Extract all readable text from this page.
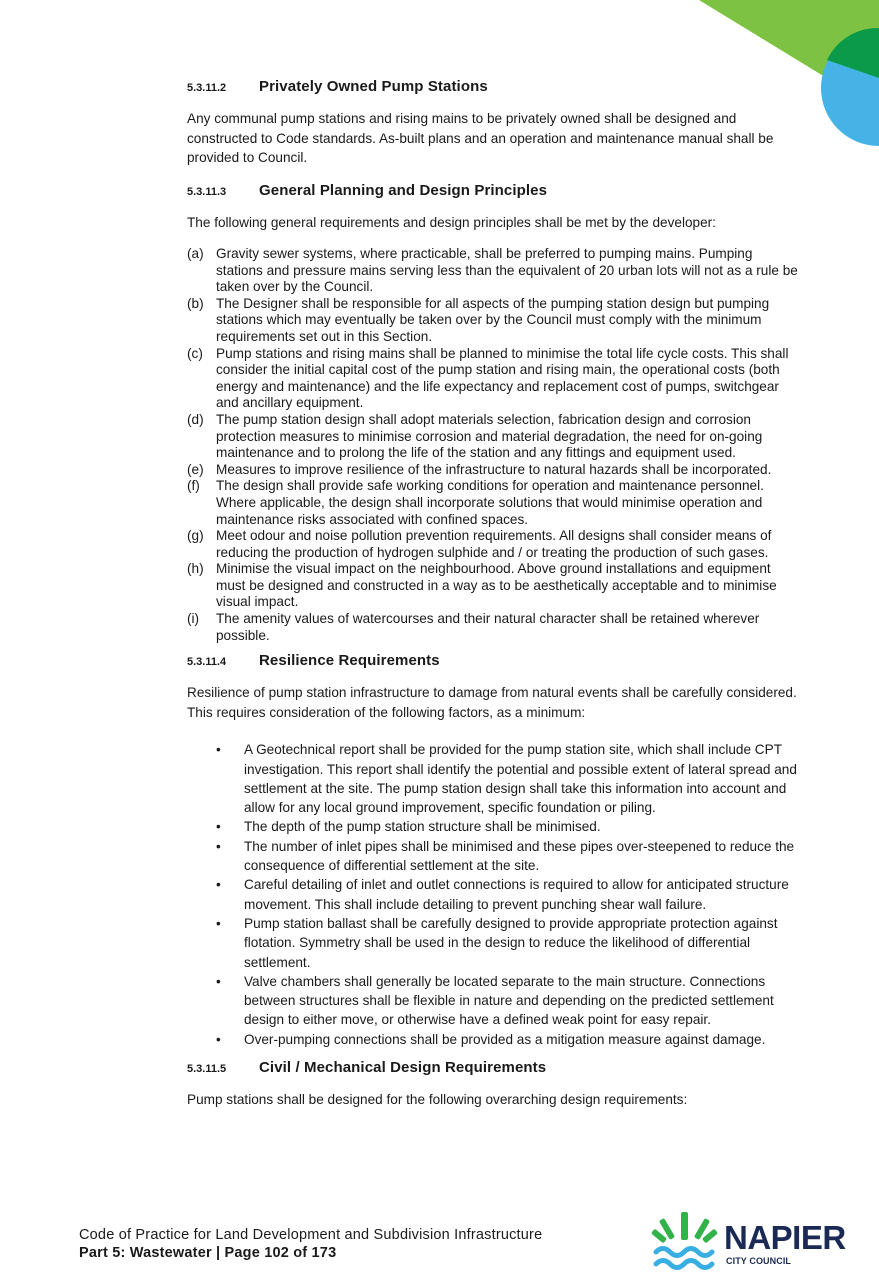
5.3.11.2	Privately Owned Pump Stations

Any communal pump stations and rising mains to be privately owned shall be designed and constructed to Code standards. As-built plans and an operation and maintenance manual shall be provided to Council.

5.3.11.3	General Planning and Design Principles

The following general requirements and design principles shall be met by the developer:

(a) Gravity sewer systems, where practicable, shall be preferred to pumping mains. Pumping stations and pressure mains serving less than the equivalent of 20 urban lots will not as a rule be taken over by the Council.
(b) The Designer shall be responsible for all aspects of the pumping station design but pumping stations which may eventually be taken over by the Council must comply with the minimum requirements set out in this Section.
(c) Pump stations and rising mains shall be planned to minimise the total life cycle costs. This shall consider the initial capital cost of the pump station and rising main, the operational costs (both energy and maintenance) and the life expectancy and replacement cost of pumps, switchgear and ancillary equipment.
(d) The pump station design shall adopt materials selection, fabrication design and corrosion protection measures to minimise corrosion and material degradation, the need for on-going maintenance and to prolong the life of the station and any fittings and equipment used.
(e) Measures to improve resilience of the infrastructure to natural hazards shall be incorporated.
(f)	The design shall provide safe working conditions for operation and maintenance personnel. Where applicable, the design shall incorporate solutions that would minimise operation and maintenance risks associated with confined spaces.
(g) Meet odour and noise pollution prevention requirements. All designs shall consider means of reducing the production of hydrogen sulphide and / or treating the production of such gases.
(h) Minimise the visual impact on the neighbourhood. Above ground installations and equipment must be designed and constructed in a way as to be aesthetically acceptable and to minimise visual impact.
(i)	The amenity values of watercourses and their natural character shall be retained wherever possible.
5.3.11.4	Resilience Requirements

Resilience of pump station infrastructure to damage from natural events shall be carefully considered. This requires consideration of the following factors, as a minimum:

•	A Geotechnical report shall be provided for the pump station site, which shall include CPT investigation. This report shall identify the potential and possible extent of lateral spread and settlement at the site. The pump station design shall take this information into account and allow for any local ground improvement, specific foundation or piling.
•	The depth of the pump station structure shall be minimised.
•	The number of inlet pipes shall be minimised and these pipes over-steepened to reduce the consequence of differential settlement at the site.
•	Careful detailing of inlet and outlet connections is required to allow for anticipated structure movement. This shall include detailing to prevent punching shear wall failure.
•	Pump station ballast shall be carefully designed to provide appropriate protection against flotation. Symmetry shall be used in the design to reduce the likelihood of differential settlement.
•	Valve chambers shall generally be located separate to the main structure. Connections between structures shall be flexible in nature and depending on the predicted settlement design to either move, or otherwise have a defined weak point for easy repair.
•	Over-pumping connections shall be provided as a mitigation measure against damage.
5.3.11.5	Civil / Mechanical Design Requirements

Pump stations shall be designed for the following overarching design requirements:

Code of Practice for Land Development and Subdivision Infrastructure
Part 5: Wastewater | Page 102 of 173	NAPIER
CITY COUNCIL
